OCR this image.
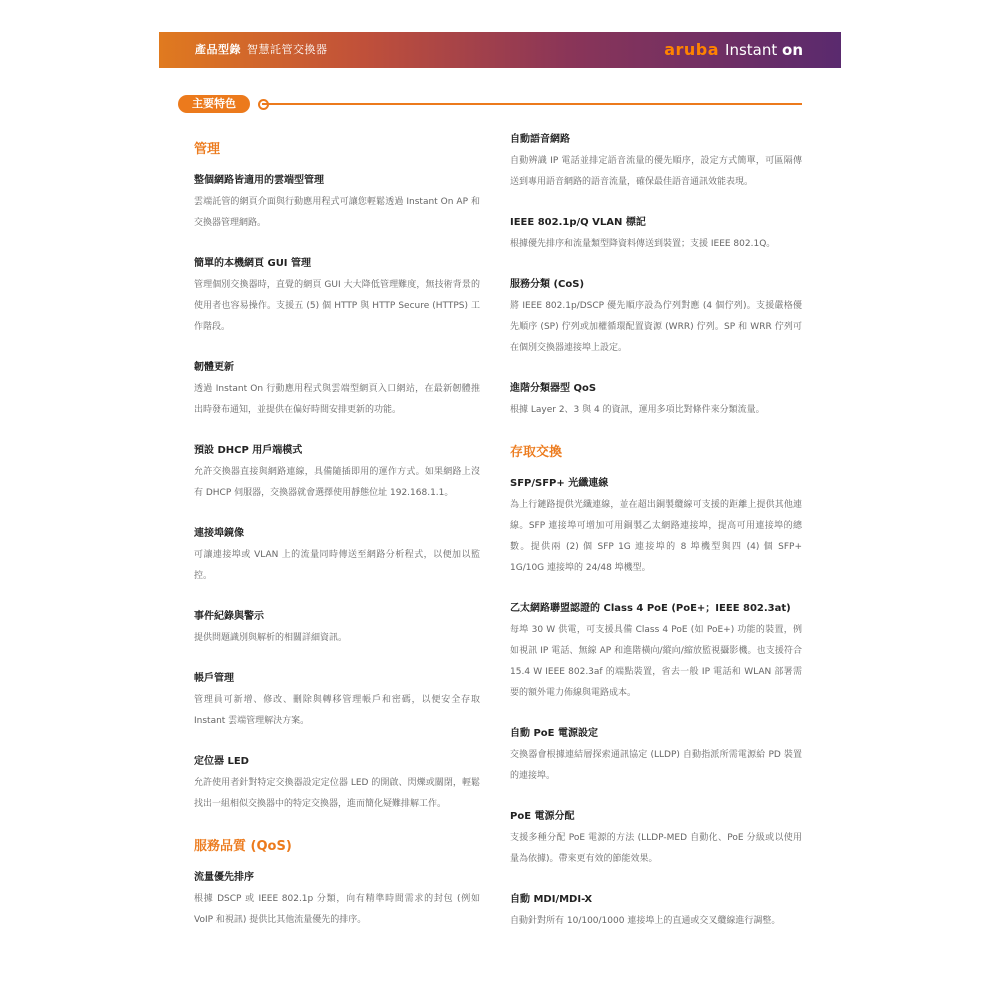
產品型錄 智慧託管交換器	aruba Instant on
主要特色
管理
整個網路皆適用的雲端型管理

雲端託管的網頁介面與行動應用程式可讓您輕鬆透過 Instant On AP 和交換器管理網路。

簡單的本機網頁 GUI 管理

管理個別交換器時，直覺的網頁 GUI 大大降低管理難度，無技術背景的使用者也容易操作。支援五 (5) 個 HTTP 與 HTTP Secure (HTTPS) 工作階段。

韌體更新

透過 Instant On 行動應用程式與雲端型網頁入口網站，在最新韌體推出時發布通知，並提供在偏好時間安排更新的功能。

預設 DHCP 用戶端模式

允許交換器直接與網路連線，具備隨插即用的運作方式。如果網路上沒有 DHCP 伺服器，交換器就會選擇使用靜態位址 192.168.1.1。

連接埠鏡像

可讓連接埠或 VLAN 上的流量同時傳送至網路分析程式，以便加以監控。

事件紀錄與警示

提供問題識別與解析的相關詳細資訊。

帳戶管理

管理員可新增、修改、刪除與轉移管理帳戶和密碼，以便安全存取 Instant 雲端管理解決方案。

定位器 LED

允許使用者針對特定交換器設定定位器 LED 的開啟、閃爍或關閉，輕鬆找出一組相似交換器中的特定交換器，進而簡化疑難排解工作。

服務品質 (QoS)
流量優先排序

根據 DSCP 或 IEEE 802.1p 分類，向有精準時間需求的封包 (例如 VoIP 和視訊) 提供比其他流量優先的排序。

自動語音網路

自動辨識 IP 電話並排定語音流量的優先順序，設定方式簡單，可區隔傳送到專用語音網路的語音流量，確保最佳語音通訊效能表現。

IEEE 802.1p/Q VLAN 標記

根據優先排序和流量類型降資料傳送到裝置；支援 IEEE 802.1Q。

服務分類 (CoS)

將 IEEE 802.1p/DSCP 優先順序設為佇列對應 (4 個佇列)。支援嚴格優先順序 (SP) 佇列或加權循環配置資源 (WRR) 佇列。SP 和 WRR 佇列可在個別交換器連接埠上設定。

進階分類器型 QoS

根據 Layer 2、3 與 4 的資訊，運用多項比對條件來分類流量。

存取交換
SFP/SFP+ 光纖連線

為上行鏈路提供光纖連線，並在超出銅製纜線可支援的距離上提供其他連線。SFP 連接埠可增加可用銅製乙太網路連接埠，提高可用連接埠的總數。提供兩 (2) 個 SFP 1G 連接埠的 8 埠機型與四 (4) 個 SFP+ 1G/10G 連接埠的 24/48 埠機型。

乙太網路聯盟認證的 Class 4 PoE (PoE+；IEEE 802.3at)

每埠 30 W 供電，可支援具備 Class 4 PoE (如 PoE+) 功能的裝置，例如視訊 IP 電話、無線 AP 和進階橫向/縱向/縮放監視攝影機。也支援符合 15.4 W IEEE 802.3af 的端點裝置，省去一般 IP 電話和 WLAN 部署需要的額外電力佈線與電路成本。

自動 PoE 電源設定

交換器會根據連結層探索通訊協定 (LLDP) 自動指派所需電源給 PD 裝置的連接埠。

PoE 電源分配

支援多種分配 PoE 電源的方法 (LLDP-MED 自動化、PoE 分級或以使用量為依據)。帶來更有效的節能效果。

自動 MDI/MDI-X

自動針對所有 10/100/1000 連接埠上的直通或交叉纜線進行調整。
